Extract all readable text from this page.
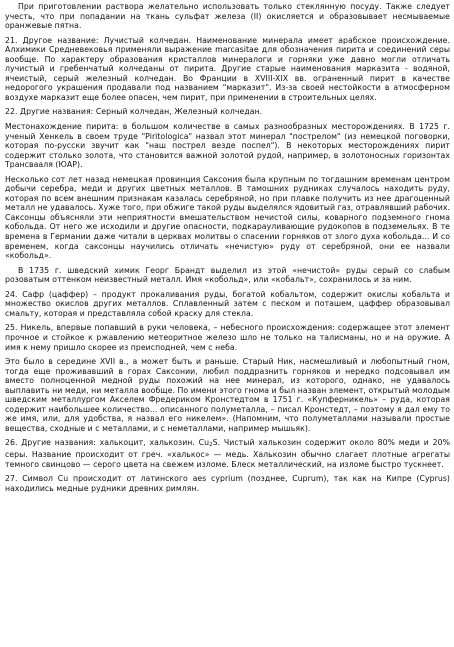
При приготовлении раствора желательно использовать только стеклянную посуду. Также следует учесть, что при попадании на ткань сульфат железа (II) окисляется и образовывает несмываемые оранжевые пятна.

21. Другое название: Лучистый колчедан. Наименование минерала имеет арабское происхождение. Алхимики Средневековья применяли выражение marcasitae для обозначения пирита и соединений серы вообще. По характеру образования кристаллов минералоги и горняки уже давно могли отличать лучистый и гребенчатый колчеданы от пирита. Другие старые наименования марказита - водяной, ячеистый, серый железный колчедан. Во Франции в XVIII-XIX вв. ограненный пирит в качестве недорогого украшения продавали под названием "марказит". Из-за своей нестойкости в атмосферном воздухе марказит еще более опасен, чем пирит, при применении в строительных целях.

22. Другие названия: Серный колчедан, Железный колчедан.

Местонахождение пирита: в большом количестве в самых разнообразных месторождениях. В 1725 г. ученый Хенкель в своем труде "Piritologica" назвал этот минерал "пострелом" (из немецкой поговорки, которая по-русски звучит как "наш пострел везде поспел"). В некоторых месторождениях пирит содержит столько золота, что становится важной золотой рудой, например, в золотоносных горизонтах Трансвааля (ЮАР).

Несколько сот лет назад немецкая провинция Саксония была крупным по тогдашним временам центром добычи серебра, меди и других цветных металлов. В тамошних рудниках случалось находить руду, которая по всем внешним признакам казалась серебряной, но при плавке получить из нее драгоценный металл не удавалось. Хуже того, при обжиге такой руды выделялся ядовитый газ, отравлявший рабочих. Саксонцы объясняли эти неприятности вмешательством нечистой силы, коварного подземного гнома кобольда. От него же исходили и другие опасности, подкарауливающие рудокопов в подземельях. В те времена в Германии даже читали в церквах молитвы о спасении горняков от злого духа кобольда... И со временем, когда саксонцы научились отличать «нечистую» руду от серебряной, они ее назвали «кобольд».

В 1735 г. шведский химик Георг Брандт выделил из этой «нечистой» руды серый со слабым розоватым оттенком неизвестный металл. Имя «кобольд», или «кобальт», сохранилось и за ним.

24. Сафр (цаффер) – продукт прокаливания руды, богатой кобальтом, содержит окислы кобальта и множество окислов других металлов. Сплавленный затем с песком и поташем, цаффер образовывал смальту, которая и представляла собой краску для стекла.

25. Никель, впервые попавший в руки человека, – небесного происхождения: содержащее этот элемент прочное и стойкое к ржавлению метеоритное железо шло не только на талисманы, но и на оружие. А имя к нему пришло скорее из преисподней, чем с неба.

Это было в середине XVII в., а может быть и раньше. Старый Ник, насмешливый и любопытный гном, тогда еще проживавший в горах Саксонии, любил поддразнить горняков и нередко подсовывал им вместо полноценной медной руды похожий на нее минерал, из которого, однако, не удавалось выплавить ни меди, ни металла вообще. По имени этого гнома и был назван элемент, открытый молодым шведским металлургом Акселем Фредериком Кронстедтом в 1751 г. «Купферникель» – руда, которая содержит наибольшее количество... описанного полуметалла, – писал Кронстедт, – поэтому я дал ему то же имя, или, для удобства, я назвал его никелем». (Напомним, что полуметаллами называли простые вещества, сходные и с металлами, и с неметаллами, например мышьяк).

26. Другие названия: халькоцит, халькозин. Cu2S. Чистый халькозин содержит около 80% меди и 20% серы. Название происходит от греч. «халькос» — медь. Халькозин обычно слагает плотные агрегаты темного свинцово — серого цвета на свежем изломе. Блеск металлический, на изломе быстро тускнеет.

27. Символ Cu происходит от латинского aes cyprium (позднее, Cuprum), так как на Кипре (Cyprus) находились медные рудники древних римлян.
